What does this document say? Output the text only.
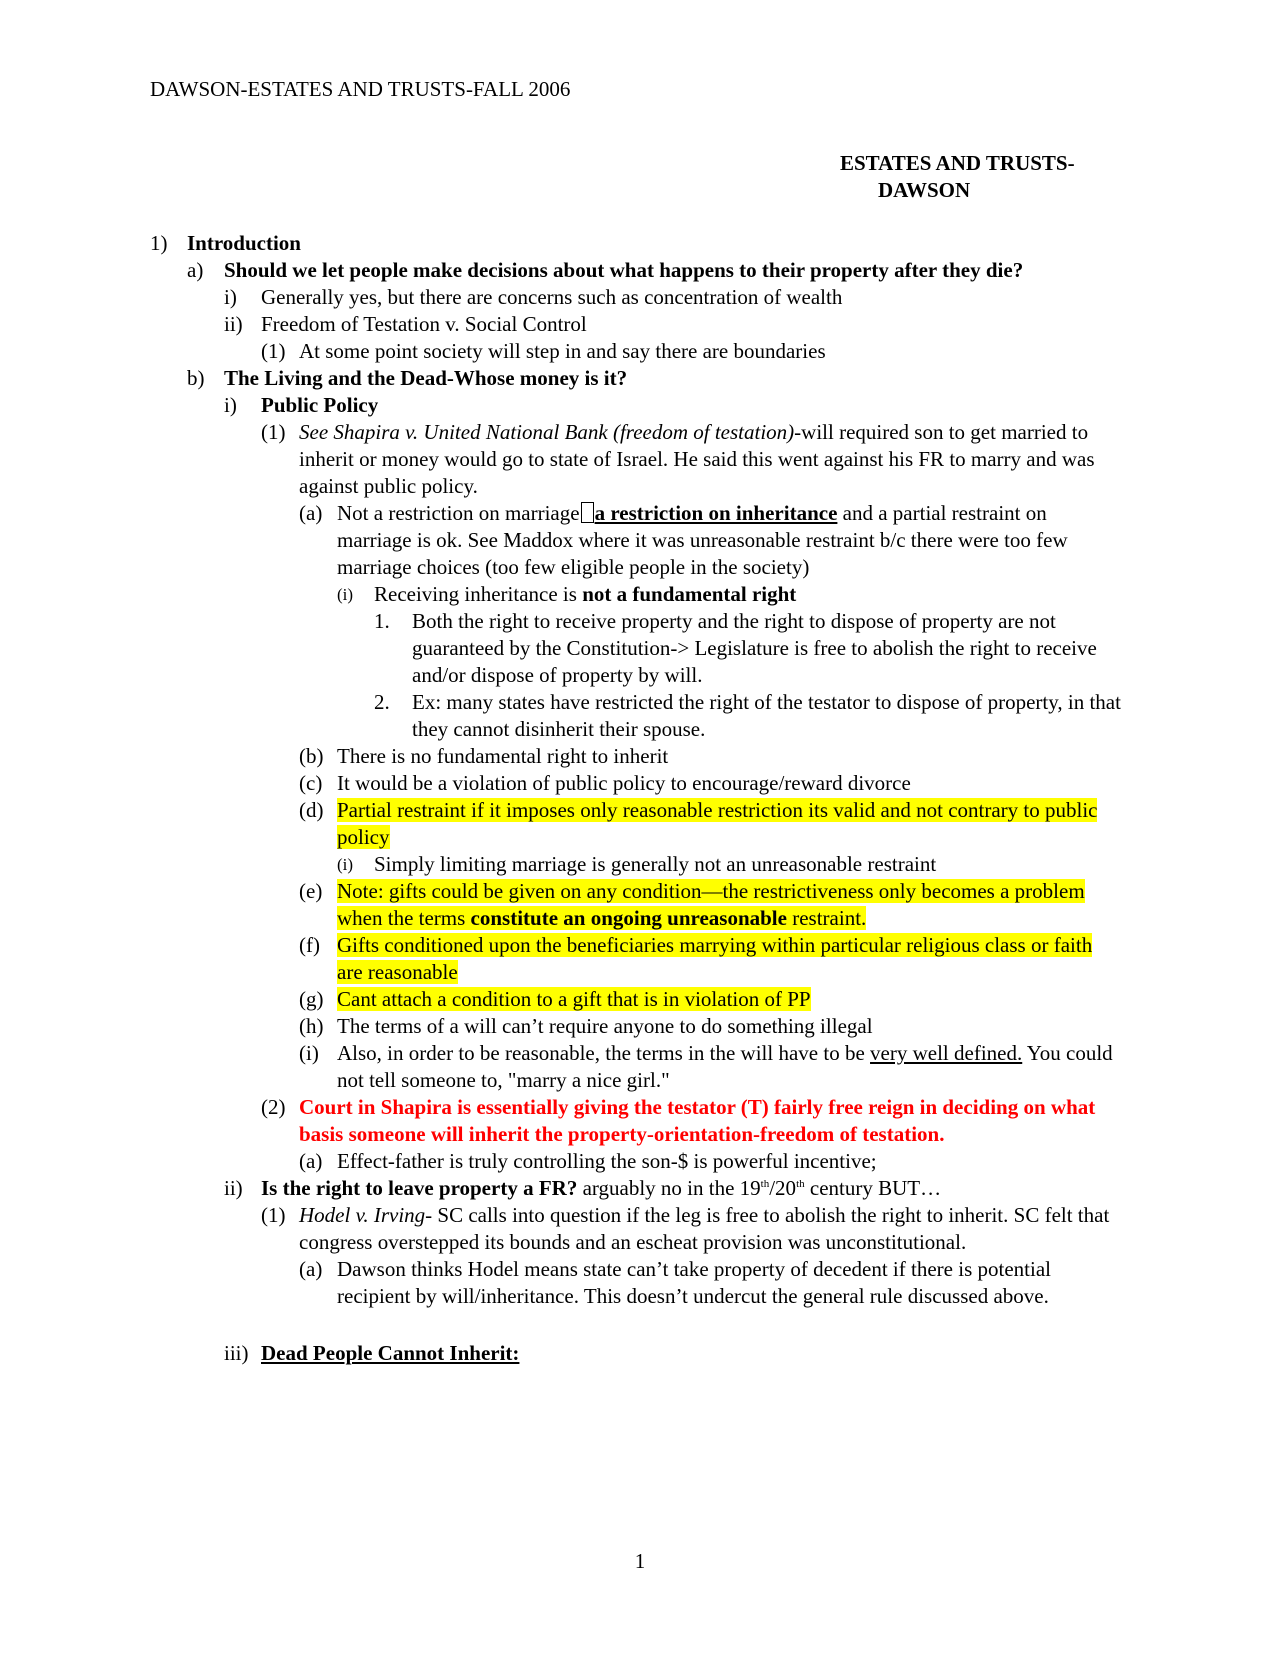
DAWSON-ESTATES AND TRUSTS-FALL 2006
ESTATES AND TRUSTS-
DAWSON
1) Introduction
a) Should we let people make decisions about what happens to their property after they die?
i) Generally yes, but there are concerns such as concentration of wealth
ii) Freedom of Testation v. Social Control
(1) At some point society will step in and say there are boundaries
b) The Living and the Dead-Whose money is it?
i) Public Policy
(1) See Shapira v. United National Bank (freedom of testation)-will required son to get married to inherit or money would go to state of Israel. He said this went against his FR to marry and was against public policy.
(a) Not a restriction on marriage a restriction on inheritance and a partial restraint on marriage is ok. See Maddox where it was unreasonable restraint b/c there were too few marriage choices (too few eligible people in the society)
(i) Receiving inheritance is not a fundamental right
1. Both the right to receive property and the right to dispose of property are not guaranteed by the Constitution-> Legislature is free to abolish the right to receive and/or dispose of property by will.
2. Ex: many states have restricted the right of the testator to dispose of property, in that they cannot disinherit their spouse.
(b) There is no fundamental right to inherit
(c) It would be a violation of public policy to encourage/reward divorce
(d) Partial restraint if it imposes only reasonable restriction its valid and not contrary to public policy
(i) Simply limiting marriage is generally not an unreasonable restraint
(e) Note: gifts could be given on any condition—the restrictiveness only becomes a problem when the terms constitute an ongoing unreasonable restraint.
(f) Gifts conditioned upon the beneficiaries marrying within particular religious class or faith are reasonable
(g) Cant attach a condition to a gift that is in violation of PP
(h) The terms of a will can’t require anyone to do something illegal
(i) Also, in order to be reasonable, the terms in the will have to be very well defined. You could not tell someone to, "marry a nice girl."
(2) Court in Shapira is essentially giving the testator (T) fairly free reign in deciding on what basis someone will inherit the property-orientation-freedom of testation.
(a) Effect-father is truly controlling the son-$ is powerful incentive;
ii) Is the right to leave property a FR? arguably no in the 19th/20th century BUT…
(1) Hodel v. Irving- SC calls into question if the leg is free to abolish the right to inherit. SC felt that congress overstepped its bounds and an escheat provision was unconstitutional.
(a) Dawson thinks Hodel means state can’t take property of decedent if there is potential recipient by will/inheritance. This doesn’t undercut the general rule discussed above.
iii) Dead People Cannot Inherit:
1
